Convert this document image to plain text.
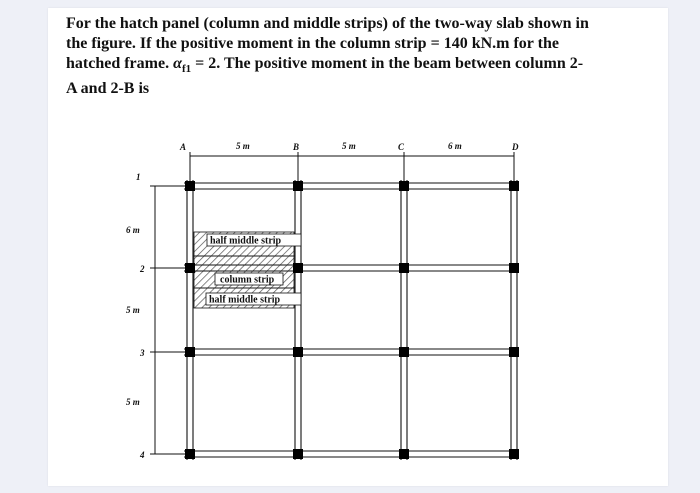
For the hatch panel (column and middle strips) of the two-way slab shown in
the figure. If the positive moment in the column strip = 140 kN.m for the
hatched frame. $\alpha_{f1} = 2$. The positive moment in the beam between column 2-
A and 2-B is

A	B	C	D
5 m	5 m	6 m
1
2
3
4
6 m
5 m
5 m
half middle strip
column strip
half middle strip
